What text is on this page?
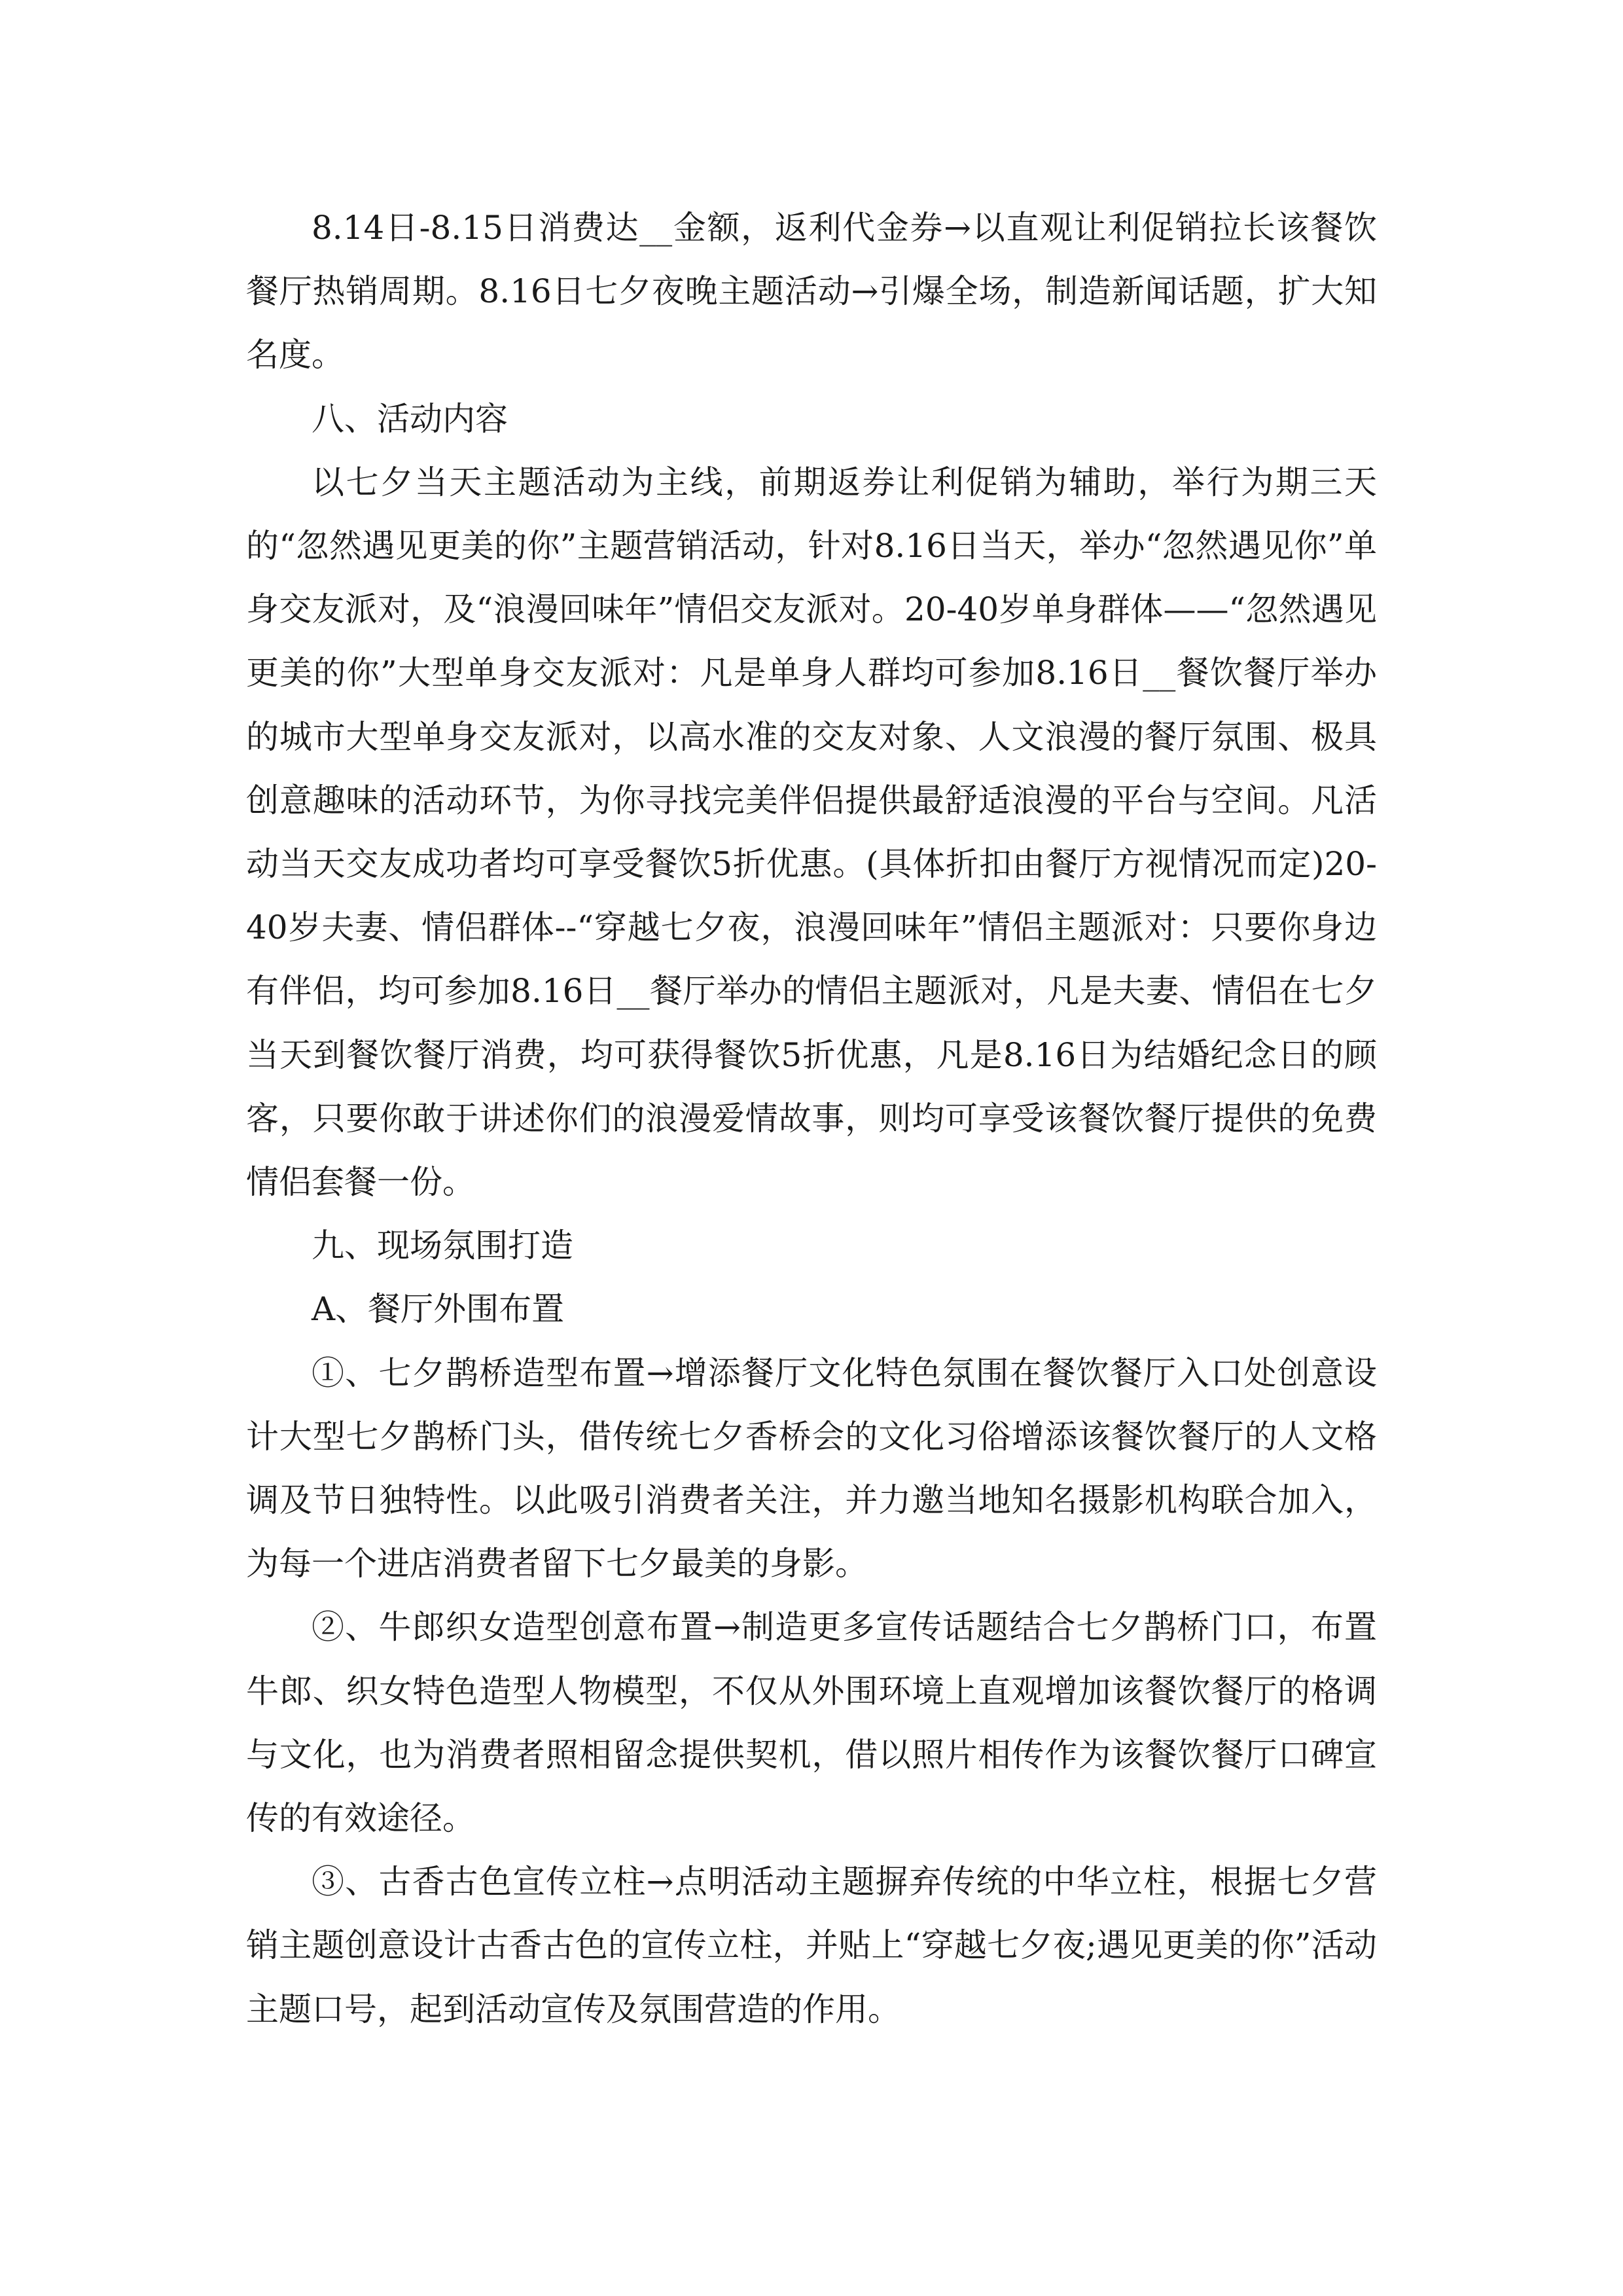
8.14日-8.15日消费达__金额，返利代金券→以直观让利促销拉长该餐饮餐厅热销周期。8.16日七夕夜晚主题活动→引爆全场，制造新闻话题，扩大知名度。

八、活动内容

以七夕当天主题活动为主线，前期返券让利促销为辅助，举行为期三天的“忽然遇见更美的你”主题营销活动，针对8.16日当天，举办“忽然遇见你”单身交友派对，及“浪漫回味年”情侣交友派对。20-40岁单身群体——“忽然遇见更美的你”大型单身交友派对：凡是单身人群均可参加8.16日__餐饮餐厅举办的城市大型单身交友派对，以高水准的交友对象、人文浪漫的餐厅氛围、极具创意趣味的活动环节，为你寻找完美伴侣提供最舒适浪漫的平台与空间。凡活动当天交友成功者均可享受餐饮5折优惠。(具体折扣由餐厅方视情况而定)20-40岁夫妻、情侣群体--“穿越七夕夜，浪漫回味年”情侣主题派对：只要你身边有伴侣，均可参加8.16日__餐厅举办的情侣主题派对，凡是夫妻、情侣在七夕当天到餐饮餐厅消费，均可获得餐饮5折优惠，凡是8.16日为结婚纪念日的顾客，只要你敢于讲述你们的浪漫爱情故事，则均可享受该餐饮餐厅提供的免费情侣套餐一份。

九、现场氛围打造

A、餐厅外围布置

①、七夕鹊桥造型布置→增添餐厅文化特色氛围在餐饮餐厅入口处创意设计大型七夕鹊桥门头，借传统七夕香桥会的文化习俗增添该餐饮餐厅的人文格调及节日独特性。以此吸引消费者关注，并力邀当地知名摄影机构联合加入，为每一个进店消费者留下七夕最美的身影。

②、牛郎织女造型创意布置→制造更多宣传话题结合七夕鹊桥门口，布置牛郎、织女特色造型人物模型，不仅从外围环境上直观增加该餐饮餐厅的格调与文化，也为消费者照相留念提供契机，借以照片相传作为该餐饮餐厅口碑宣传的有效途径。

③、古香古色宣传立柱→点明活动主题摒弃传统的中华立柱，根据七夕营销主题创意设计古香古色的宣传立柱，并贴上“穿越七夕夜;遇见更美的你”活动主题口号，起到活动宣传及氛围营造的作用。
